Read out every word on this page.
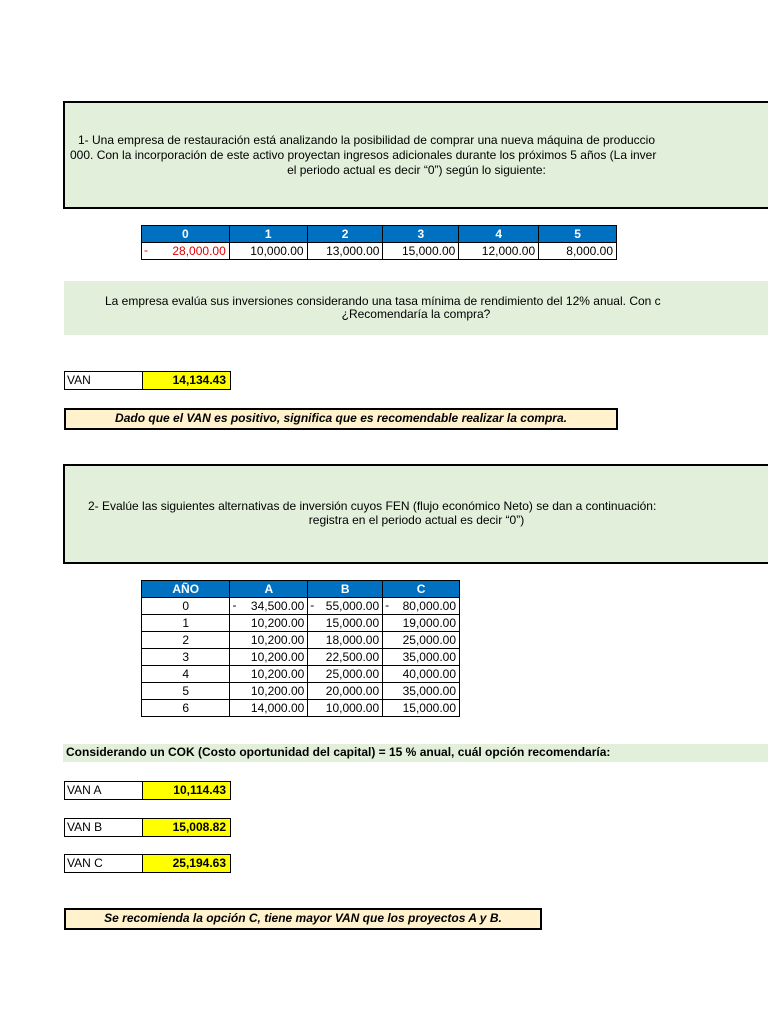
1- Una empresa de restauración está analizando la posibilidad de comprar una nueva máquina de produccio
000. Con la incorporación de este activo proyectan ingresos adicionales durante los próximos 5 años (La inver
el periodo actual es decir “0”) según lo siguiente:
0	1	2	3	4	5

- 28,000.00	10,000.00	13,000.00	15,000.00	12,000.00	8,000.00
La empresa evalúa sus inversiones considerando una tasa mínima de rendimiento del 12% anual. Con c
¿Recomendaría la compra?
VAN	14,134.43
Dado que el VAN es positivo, significa que es recomendable realizar la compra.
2- Evalúe las siguientes alternativas de inversión cuyos FEN (flujo económico Neto) se dan a continuación:
registra en el periodo actual es decir “0”)
AÑO	A	B	C
0	- 34,500.00	- 55,000.00	- 80,000.00
1	10,200.00	15,000.00	19,000.00
2	10,200.00	18,000.00	25,000.00
3	10,200.00	22,500.00	35,000.00
4	10,200.00	25,000.00	40,000.00
5	10,200.00	20,000.00	35,000.00
6	14,000.00	10,000.00	15,000.00
Considerando un COK (Costo oportunidad del capital) = 15 % anual, cuál opción recomendaría:
VAN A	10,114.43
VAN B	15,008.82
VAN C	25,194.63
Se recomienda la opción C, tiene mayor VAN que los proyectos A y B.
